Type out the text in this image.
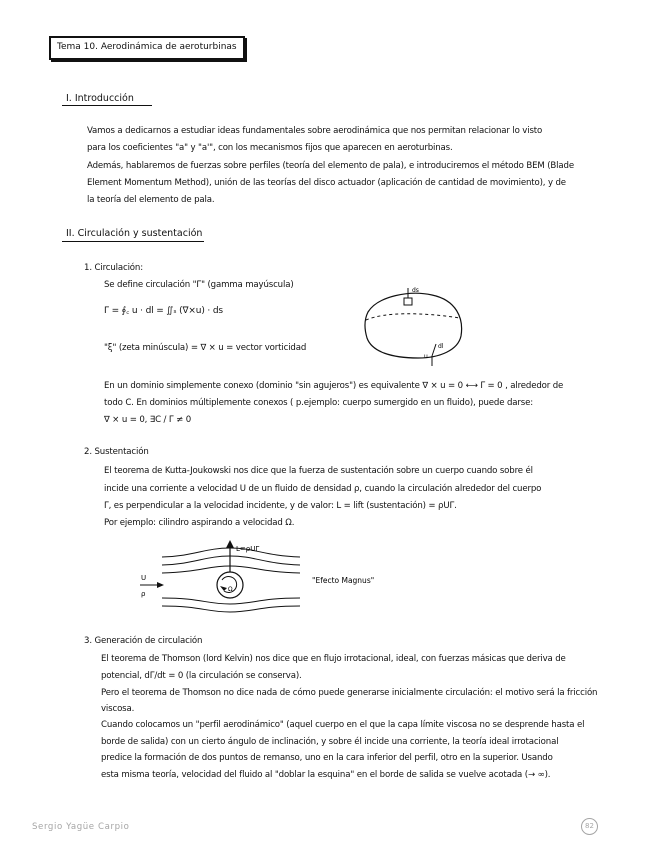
Tema 10. Aerodinámica de aeroturbinas
I. Introducción
Vamos a dedicarnos a estudiar ideas fundamentales sobre aerodinámica que nos permitan relacionar lo visto
para los coeficientes "a" y "a'", con los mecanismos fijos que aparecen en aeroturbinas.
Además, hablaremos de fuerzas sobre perfiles (teoría del elemento de pala), e introduciremos el método BEM (Blade
Element Momentum Method), unión de las teorías del disco actuador (aplicación de cantidad de movimiento), y de
la teoría del elemento de pala.
II. Circulación y sustentación
1. Circulación:
Se define circulación "Γ" (gamma mayúscula)
Γ = ∮꜀ u · dl = ∬ₛ (∇×u) · ds
"ξ" (zeta minúscula) = ∇ × u = vector vorticidad
ds
dl
u
En un dominio simplemente conexo (dominio "sin agujeros") es equivalente ∇ × u = 0 ⟷ Γ = 0 , alrededor de
todo C. En dominios múltiplemente conexos ( p.ejemplo: cuerpo sumergido en un fluido), puede darse:
∇ × u = 0, ∃C / Γ ≠ 0
2. Sustentación
El teorema de Kutta-Joukowski nos dice que la fuerza de sustentación sobre un cuerpo cuando sobre él
incide una corriente a velocidad U de un fluido de densidad ρ, cuando la circulación alrededor del cuerpo
Γ, es perpendicular a la velocidad incidente, y de valor: L = lift (sustentación) = ρUΓ.
Por ejemplo: cilindro aspirando a velocidad Ω.
L=ρUΓ
U
ρ
Ω
"Efecto Magnus"
3. Generación de circulación
El teorema de Thomson (lord Kelvin) nos dice que en flujo irrotacional, ideal, con fuerzas másicas que deriva de
potencial, dΓ/dt = 0 (la circulación se conserva).
Pero el teorema de Thomson no dice nada de cómo puede generarse inicialmente circulación: el motivo será la fricción
viscosa.
Cuando colocamos un "perfil aerodinámico" (aquel cuerpo en el que la capa límite viscosa no se desprende hasta el
borde de salida) con un cierto ángulo de inclinación, y sobre él incide una corriente, la teoría ideal irrotacional
predice la formación de dos puntos de remanso, uno en la cara inferior del perfil, otro en la superior. Usando
esta misma teoría, velocidad del fluido al "doblar la esquina" en el borde de salida se vuelve acotada (→ ∞).
Sergio Yagüe Carpio	82
